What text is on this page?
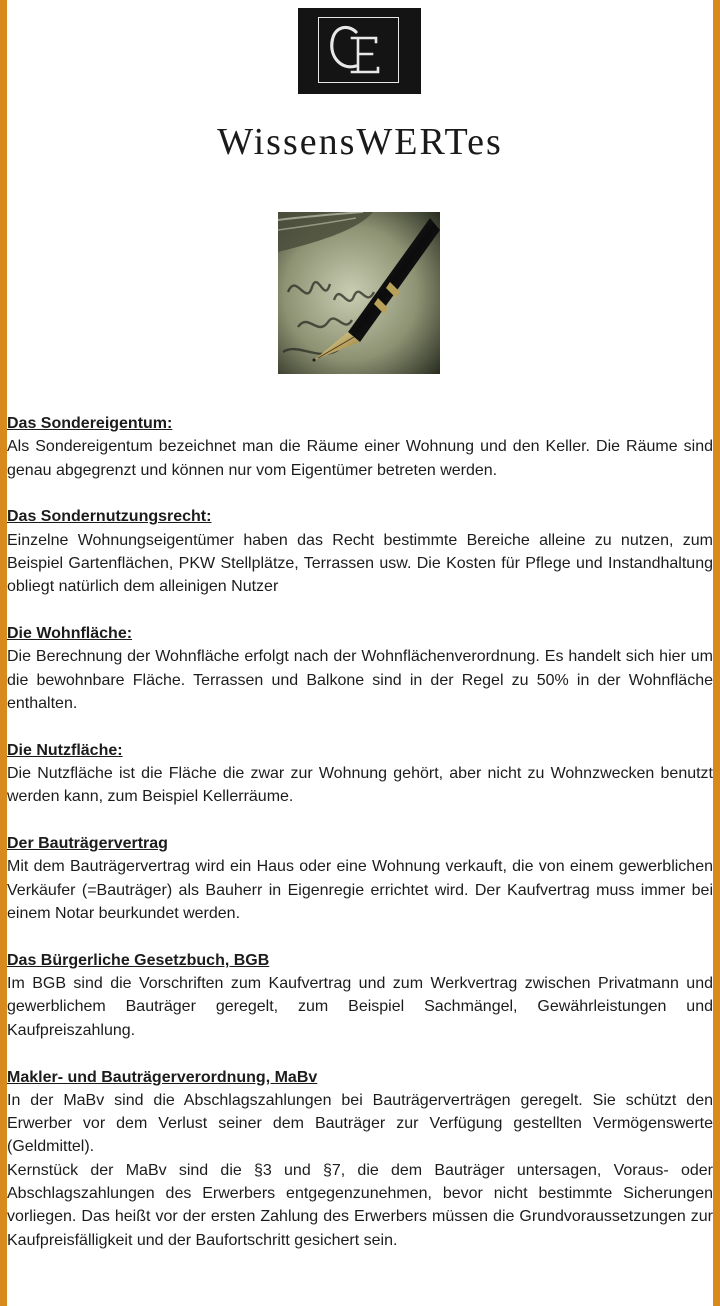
WissensWERTes
Das Sondereigentum:

Als Sondereigentum bezeichnet man die Räume einer Wohnung und den Keller. Die Räume sind genau abgegrenzt und können nur vom Eigentümer betreten werden.

Das Sondernutzungsrecht:

Einzelne Wohnungseigentümer haben das Recht bestimmte Bereiche alleine zu nutzen, zum Beispiel Gartenflächen, PKW Stellplätze, Terrassen usw. Die Kosten für Pflege und Instandhaltung obliegt natürlich dem alleinigen Nutzer

Die Wohnfläche:

Die Berechnung der Wohnfläche erfolgt nach der Wohnflächenverordnung. Es handelt sich hier um die bewohnbare Fläche. Terrassen und Balkone sind in der Regel zu 50% in der Wohnfläche enthalten.

Die Nutzfläche:

Die Nutzfläche ist die Fläche die zwar zur Wohnung gehört, aber nicht zu Wohnzwecken benutzt werden kann, zum Beispiel Kellerräume.

Der Bauträgervertrag

Mit dem Bauträgervertrag wird ein Haus oder eine Wohnung verkauft, die von einem gewerblichen Verkäufer (=Bauträger) als Bauherr in Eigenregie errichtet wird. Der Kaufvertrag muss immer bei einem Notar beurkundet werden.

Das Bürgerliche Gesetzbuch, BGB

Im BGB sind die Vorschriften zum Kaufvertrag und zum Werkvertrag zwischen Privatmann und gewerblichem Bauträger geregelt, zum Beispiel Sachmängel, Gewährleistungen und Kaufpreiszahlung.

Makler- und Bauträgerverordnung, MaBv

In der MaBv sind die Abschlagszahlungen bei Bauträgerverträgen geregelt. Sie schützt den Erwerber vor dem Verlust seiner dem Bauträger zur Verfügung gestellten Vermögenswerte (Geldmittel).

Kernstück der MaBv sind die §3 und §7, die dem Bauträger untersagen, Voraus- oder Abschlagszahlungen des Erwerbers entgegenzunehmen, bevor nicht bestimmte Sicherungen vorliegen. Das heißt vor der ersten Zahlung des Erwerbers müssen die Grundvoraussetzungen zur Kaufpreisfälligkeit und der Baufortschritt gesichert sein.
